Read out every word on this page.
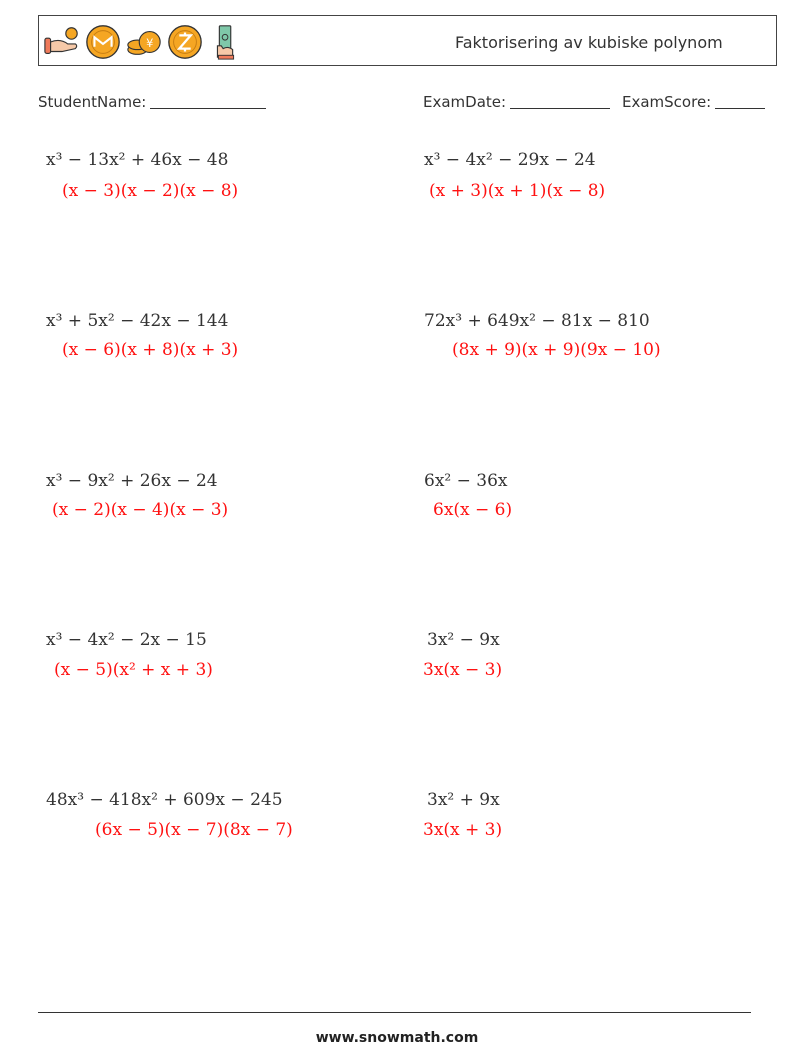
¥	Faktorisering av kubiske polynom
StudentName:	ExamDate:	ExamScore:
x³ − 13x² + 46x − 48
(x − 3)(x − 2)(x − 8)
x³ − 4x² − 29x − 24
(x + 3)(x + 1)(x − 8)
x³ + 5x² − 42x − 144
(x − 6)(x + 8)(x + 3)
72x³ + 649x² − 81x − 810
(8x + 9)(x + 9)(9x − 10)
x³ − 9x² + 26x − 24
(x − 2)(x − 4)(x − 3)
6x² − 36x
6x(x − 6)
x³ − 4x² − 2x − 15
(x − 5)(x² + x + 3)
3x² − 9x
3x(x − 3)
48x³ − 418x² + 609x − 245
(6x − 5)(x − 7)(8x − 7)
3x² + 9x
3x(x + 3)
www.snowmath.com
